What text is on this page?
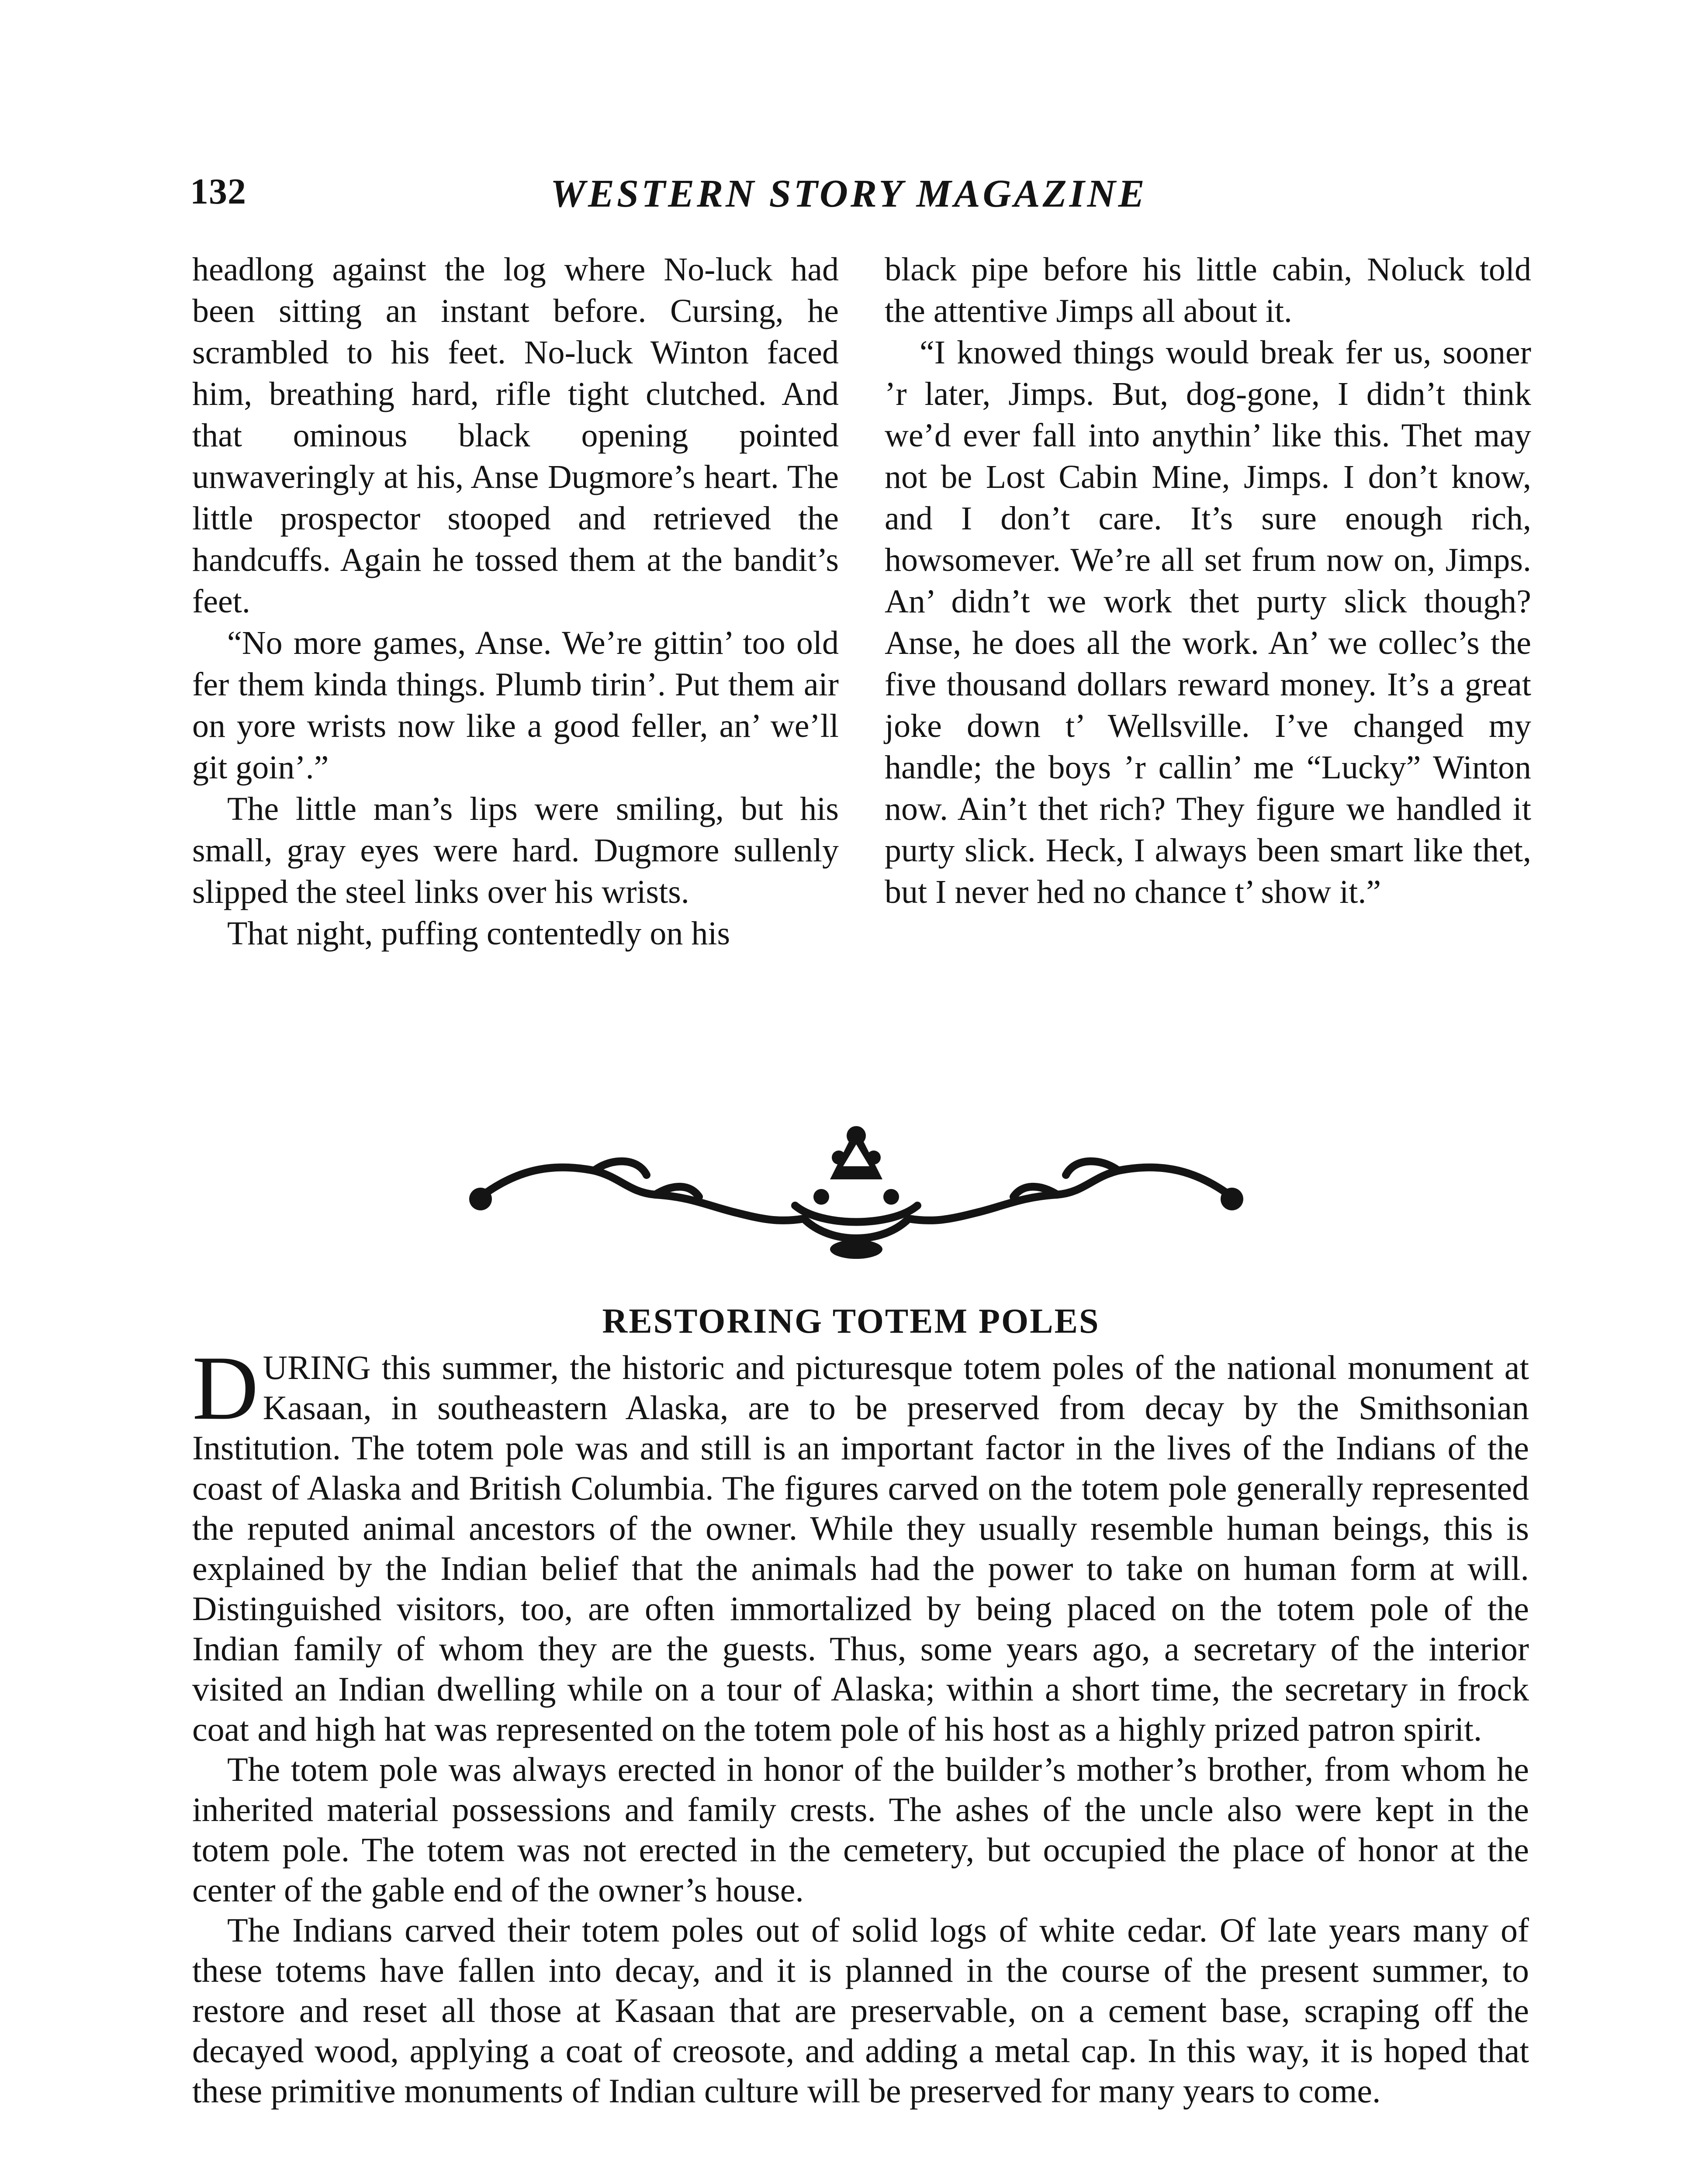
132	WESTERN STORY MAGAZINE

headlong against the log where No-luck had been sitting an instant before. Cursing, he scrambled to his feet. No-luck Winton faced him, breathing hard, rifle tight clutched. And that ominous black opening pointed unwaveringly at his, Anse Dugmore’s heart. The little prospector stooped and retrieved the handcuffs. Again he tossed them at the bandit’s feet.

“No more games, Anse. We’re gittin’ too old fer them kinda things. Plumb tirin’. Put them air on yore wrists now like a good feller, an’ we’ll git goin’.”

The little man’s lips were smiling, but his small, gray eyes were hard. Dugmore sullenly slipped the steel links over his wrists.

That night, puffing contentedly on his

black pipe before his little cabin, Noluck told the attentive Jimps all about it.

“I knowed things would break fer us, sooner ’r later, Jimps. But, dog-gone, I didn’t think we’d ever fall into anythin’ like this. Thet may not be Lost Cabin Mine, Jimps. I don’t know, and I don’t care. It’s sure enough rich, howsomever. We’re all set frum now on, Jimps. An’ didn’t we work thet purty slick though? Anse, he does all the work. An’ we collec’s the five thousand dollars reward money. It’s a great joke down t’ Wellsville. I’ve changed my handle; the boys ’r callin’ me “Lucky” Winton now. Ain’t thet rich? They figure we handled it purty slick. Heck, I always been smart like thet, but I never hed no chance t’ show it.”

RESTORING TOTEM POLES

D URING this summer, the historic and picturesque totem poles of the national monument at Kasaan, in southeastern Alaska, are to be preserved from decay by the Smithsonian Institution. The totem pole was and still is an important factor in the lives of the Indians of the coast of Alaska and British Columbia. The figures carved on the totem pole generally represented the reputed animal ancestors of the owner. While they usually resemble human beings, this is explained by the Indian belief that the animals had the power to take on human form at will. Distinguished visitors, too, are often immortalized by being placed on the totem pole of the Indian family of whom they are the guests. Thus, some years ago, a secretary of the interior visited an Indian dwelling while on a tour of Alaska; within a short time, the secretary in frock coat and high hat was represented on the totem pole of his host as a highly prized patron spirit.

The totem pole was always erected in honor of the builder’s mother’s brother, from whom he inherited material possessions and family crests. The ashes of the uncle also were kept in the totem pole. The totem was not erected in the cemetery, but occupied the place of honor at the center of the gable end of the owner’s house.

The Indians carved their totem poles out of solid logs of white cedar. Of late years many of these totems have fallen into decay, and it is planned in the course of the present summer, to restore and reset all those at Kasaan that are preservable, on a cement base, scraping off the decayed wood, applying a coat of creosote, and adding a metal cap. In this way, it is hoped that these primitive monuments of Indian culture will be preserved for many years to come.
